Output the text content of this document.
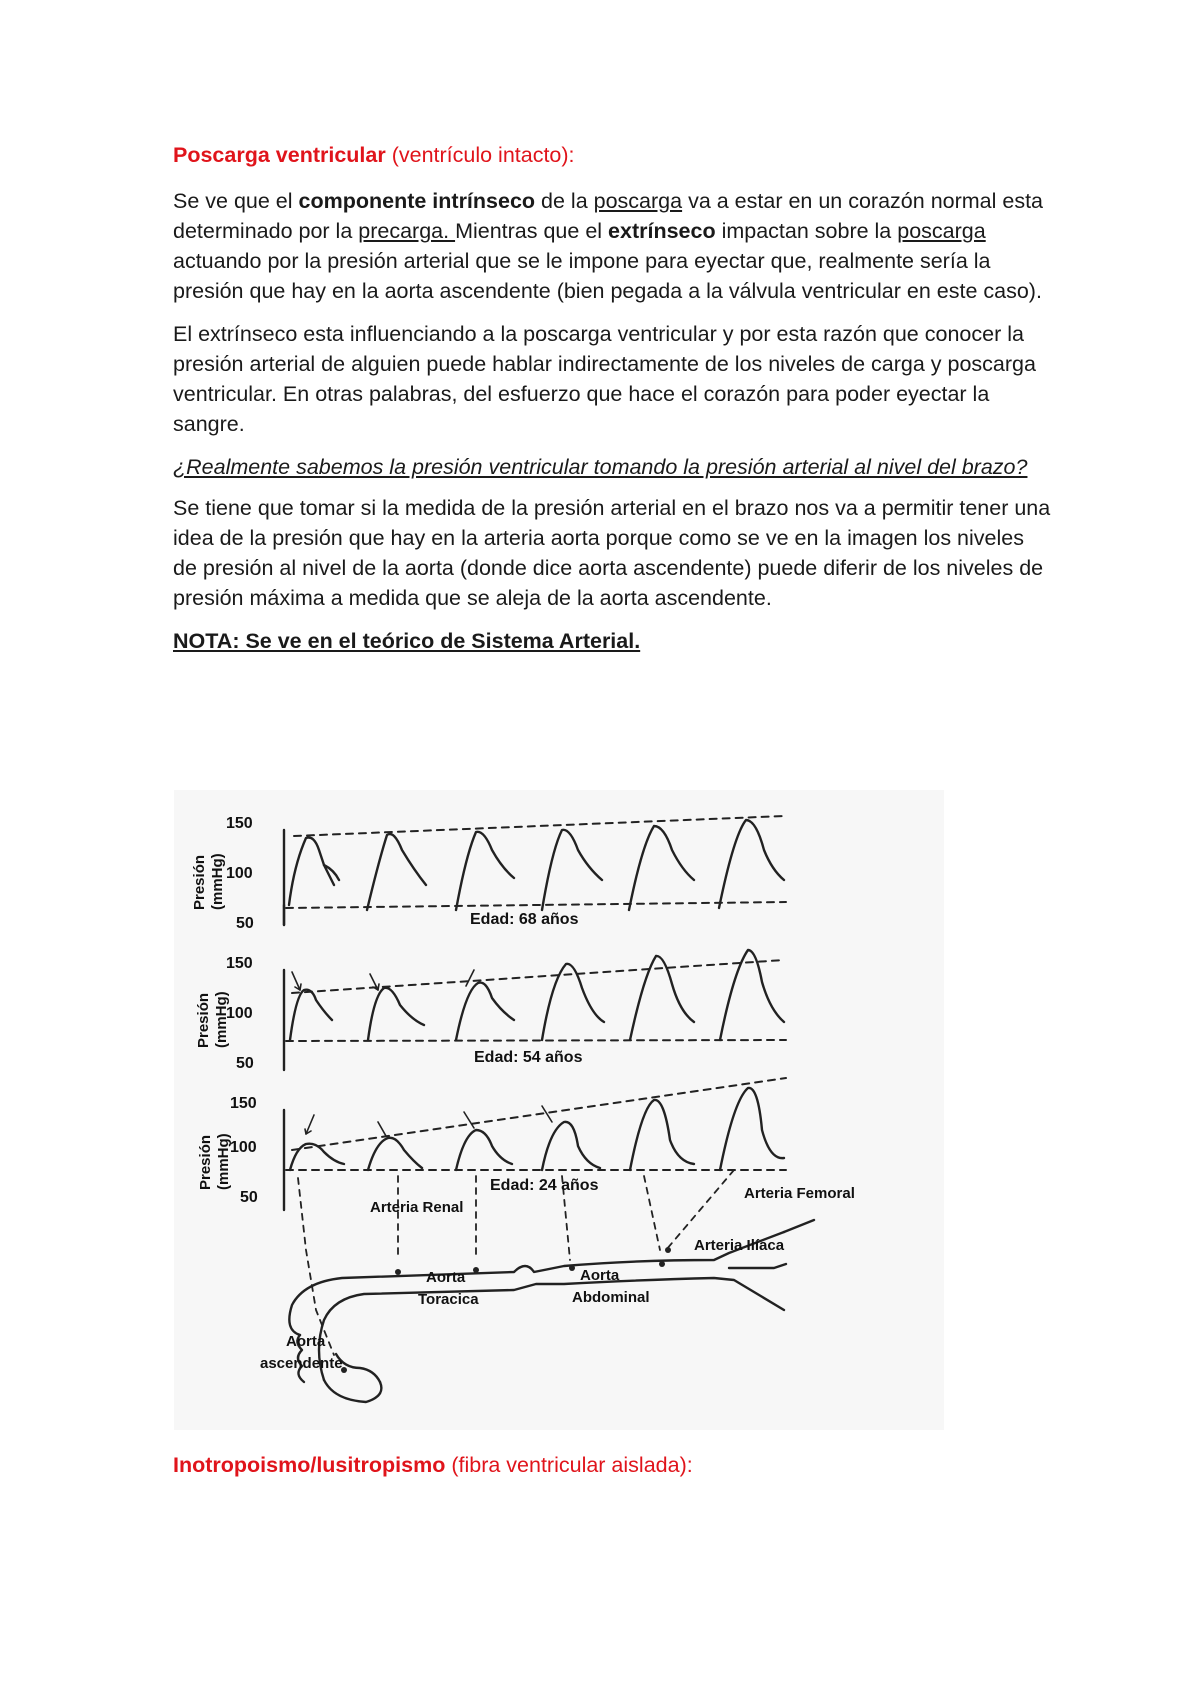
Poscarga ventricular (ventrículo intacto):

Se ve que el componente intrínseco de la poscarga va a estar en un corazón normal esta determinado por la precarga. Mientras que el extrínseco impactan sobre la poscarga actuando por la presión arterial que se le impone para eyectar que, realmente sería la presión que hay en la aorta ascendente (bien pegada a la válvula ventricular en este caso).

El extrínseco esta influenciando a la poscarga ventricular y por esta razón que conocer la presión arterial de alguien puede hablar indirectamente de los niveles de carga y poscarga ventricular. En otras palabras, del esfuerzo que hace el corazón para poder eyectar la sangre.

¿Realmente sabemos la presión ventricular tomando la presión arterial al nivel del brazo?

Se tiene que tomar si la medida de la presión arterial en el brazo nos va a permitir tener una idea de la presión que hay en la arteria aorta porque como se ve en la imagen los niveles de presión al nivel de la aorta (donde dice aorta ascendente) puede diferir de los niveles de presión máxima a medida que se aleja de la aorta ascendente.

NOTA: Se ve en el teórico de Sistema Arterial.

150
100
50
150
100
50
150
100
50
Presión (mmHg)
Presión (mmHg)
Presión (mmHg)
Edad: 68 años
Edad: 54 años
Edad: 24 años
Arteria Renal
Arteria Femoral
Arteria Ilíaca
Aorta
Toracica
Aorta
Abdominal
Aorta
ascendente

Inotropoismo/lusitropismo (fibra ventricular aislada):
